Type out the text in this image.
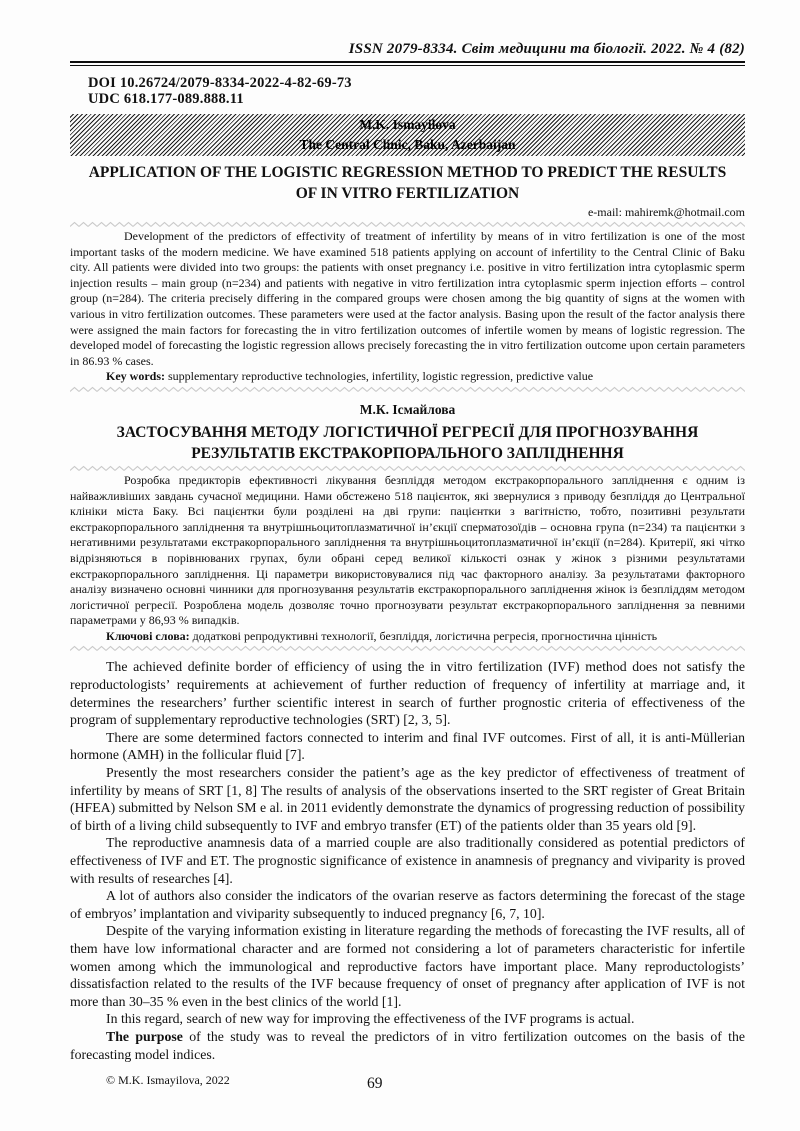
ISSN 2079-8334. Світ медицини та біології. 2022. № 4 (82)
DOI 10.26724/2079-8334-2022-4-82-69-73
UDC 618.177-089.888.11
M.K. Ismayilova
The Central Clinic, Baku, Azerbaijan
APPLICATION OF THE LOGISTIC REGRESSION METHOD TO PREDICT THE RESULTS OF IN VITRO FERTILIZATION
e-mail: mahiremk@hotmail.com

Development of the predictors of effectivity of treatment of infertility by means of in vitro fertilization is one of the most important tasks of the modern medicine. We have examined 518 patients applying on account of infertility to the Central Clinic of Baku city. All patients were divided into two groups: the patients with onset pregnancy i.e. positive in vitro fertilization intra cytoplasmic sperm injection results – main group (n=234) and patients with negative in vitro fertilization intra cytoplasmic sperm injection efforts – control group (n=284). The criteria precisely differing in the compared groups were chosen among the big quantity of signs at the women with various in vitro fertilization outcomes. These parameters were used at the factor analysis. Basing upon the result of the factor analysis there were assigned the main factors for forecasting the in vitro fertilization outcomes of infertile women by means of logistic regression. The developed model of forecasting the logistic regression allows precisely forecasting the in vitro fertilization outcome upon certain parameters in 86.93 % cases.

Key words: supplementary reproductive technologies, infertility, logistic regression, predictive value

М.К. Ісмайлова
ЗАСТОСУВАННЯ МЕТОДУ ЛОГІСТИЧНОЇ РЕГРЕСІЇ ДЛЯ ПРОГНОЗУВАННЯ РЕЗУЛЬТАТІВ ЕКСТРАКОРПОРАЛЬНОГО ЗАПЛІДНЕННЯ

Розробка предикторів ефективності лікування безпліддя методом екстракорпорального запліднення є одним із найважливіших завдань сучасної медицини. Нами обстежено 518 пацієнток, які звернулися з приводу безпліддя до Центральної клініки міста Баку. Всі пацієнтки були розділені на дві групи: пацієнтки з вагітністю, тобто, позитивні результати екстракорпорального запліднення та внутрішньоцитоплазматичної ін’єкції сперматозоїдів – основна група (n=234) та пацієнтки з негативними результатами екстракорпорального запліднення та внутрішньоцитоплазматичної ін’єкції (n=284). Критерії, які чітко відрізняються в порівнюваних групах, були обрані серед великої кількості ознак у жінок з різними результатами екстракорпорального запліднення. Ці параметри використовувалися під час факторного аналізу. За результатами факторного аналізу визначено основні чинники для прогнозування результатів екстракорпорального запліднення жінок із безпліддям методом логістичної регресії. Розроблена модель дозволяє точно прогнозувати результат екстракорпорального запліднення за певними параметрами у 86,93 % випадків.

Ключові слова: додаткові репродуктивні технології, безпліддя, логістична регресія, прогностична цінність

The achieved definite border of efficiency of using the in vitro fertilization (IVF) method does not satisfy the reproductologists’ requirements at achievement of further reduction of frequency of infertility at marriage and, it determines the researchers’ further scientific interest in search of further prognostic criteria of effectiveness of the program of supplementary reproductive technologies (SRT) [2, 3, 5].

There are some determined factors connected to interim and final IVF outcomes. First of all, it is anti-Müllerian hormone (AMH) in the follicular fluid [7].

Presently the most researchers consider the patient’s age as the key predictor of effectiveness of treatment of infertility by means of SRT [1, 8] The results of analysis of the observations inserted to the SRT register of Great Britain (HFEA) submitted by Nelson SM e al. in 2011 evidently demonstrate the dynamics of progressing reduction of possibility of birth of a living child subsequently to IVF and embryo transfer (ET) of the patients older than 35 years old [9].

The reproductive anamnesis data of a married couple are also traditionally considered as potential predictors of effectiveness of IVF and ET. The prognostic significance of existence in anamnesis of pregnancy and viviparity is proved with results of researches [4].

A lot of authors also consider the indicators of the ovarian reserve as factors determining the forecast of the stage of embryos’ implantation and viviparity subsequently to induced pregnancy [6, 7, 10].

Despite of the varying information existing in literature regarding the methods of forecasting the IVF results, all of them have low informational character and are formed not considering a lot of parameters characteristic for infertile women among which the immunological and reproductive factors have important place. Many reproductologists’ dissatisfaction related to the results of the IVF because frequency of onset of pregnancy after application of IVF is not more than 30–35 % even in the best clinics of the world [1].

In this regard, search of new way for improving the effectiveness of the IVF programs is actual.

The purpose of the study was to reveal the predictors of in vitro fertilization outcomes on the basis of the forecasting model indices.

© M.K. Ismayilova, 2022	69
